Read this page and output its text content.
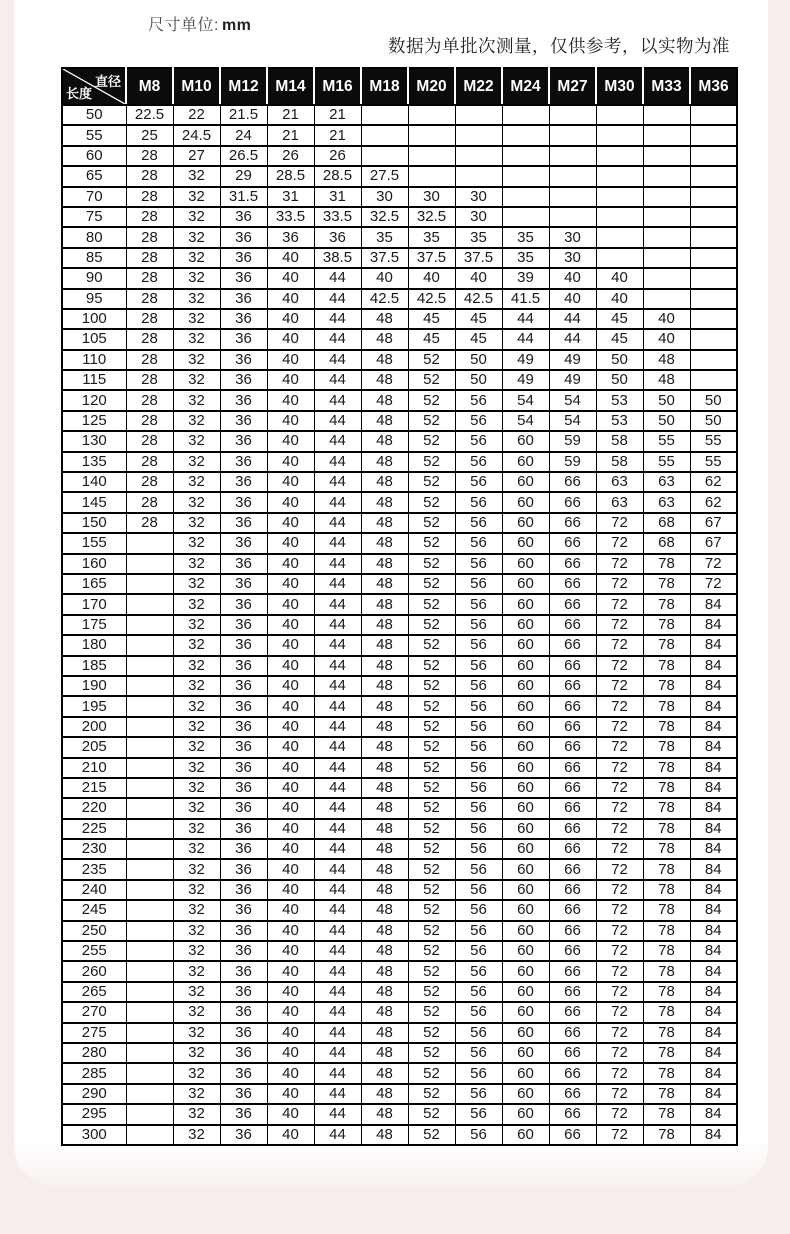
尺寸单位: mm
数据为单批次测量，仅供参考，以实物为准
直径
长度	M8	M10	M12	M14	M16	M18	M20	M22	M24	M27	M30	M33	M36
50	22.5	22	21.5	21	21								
55	25	24.5	24	21	21								
60	28	27	26.5	26	26								
65	28	32	29	28.5	28.5	27.5							
70	28	32	31.5	31	31	30	30	30					
75	28	32	36	33.5	33.5	32.5	32.5	30					
80	28	32	36	36	36	35	35	35	35	30			
85	28	32	36	40	38.5	37.5	37.5	37.5	35	30			
90	28	32	36	40	44	40	40	40	39	40	40		
95	28	32	36	40	44	42.5	42.5	42.5	41.5	40	40		
100	28	32	36	40	44	48	45	45	44	44	45	40	
105	28	32	36	40	44	48	45	45	44	44	45	40	
110	28	32	36	40	44	48	52	50	49	49	50	48	
115	28	32	36	40	44	48	52	50	49	49	50	48	
120	28	32	36	40	44	48	52	56	54	54	53	50	50
125	28	32	36	40	44	48	52	56	54	54	53	50	50
130	28	32	36	40	44	48	52	56	60	59	58	55	55
135	28	32	36	40	44	48	52	56	60	59	58	55	55
140	28	32	36	40	44	48	52	56	60	66	63	63	62
145	28	32	36	40	44	48	52	56	60	66	63	63	62
150	28	32	36	40	44	48	52	56	60	66	72	68	67
155		32	36	40	44	48	52	56	60	66	72	68	67
160		32	36	40	44	48	52	56	60	66	72	78	72
165		32	36	40	44	48	52	56	60	66	72	78	72
170		32	36	40	44	48	52	56	60	66	72	78	84
175		32	36	40	44	48	52	56	60	66	72	78	84
180		32	36	40	44	48	52	56	60	66	72	78	84
185		32	36	40	44	48	52	56	60	66	72	78	84
190		32	36	40	44	48	52	56	60	66	72	78	84
195		32	36	40	44	48	52	56	60	66	72	78	84
200		32	36	40	44	48	52	56	60	66	72	78	84
205		32	36	40	44	48	52	56	60	66	72	78	84
210		32	36	40	44	48	52	56	60	66	72	78	84
215		32	36	40	44	48	52	56	60	66	72	78	84
220		32	36	40	44	48	52	56	60	66	72	78	84
225		32	36	40	44	48	52	56	60	66	72	78	84
230		32	36	40	44	48	52	56	60	66	72	78	84
235		32	36	40	44	48	52	56	60	66	72	78	84
240		32	36	40	44	48	52	56	60	66	72	78	84
245		32	36	40	44	48	52	56	60	66	72	78	84
250		32	36	40	44	48	52	56	60	66	72	78	84
255		32	36	40	44	48	52	56	60	66	72	78	84
260		32	36	40	44	48	52	56	60	66	72	78	84
265		32	36	40	44	48	52	56	60	66	72	78	84
270		32	36	40	44	48	52	56	60	66	72	78	84
275		32	36	40	44	48	52	56	60	66	72	78	84
280		32	36	40	44	48	52	56	60	66	72	78	84
285		32	36	40	44	48	52	56	60	66	72	78	84
290		32	36	40	44	48	52	56	60	66	72	78	84
295		32	36	40	44	48	52	56	60	66	72	78	84
300		32	36	40	44	48	52	56	60	66	72	78	84
